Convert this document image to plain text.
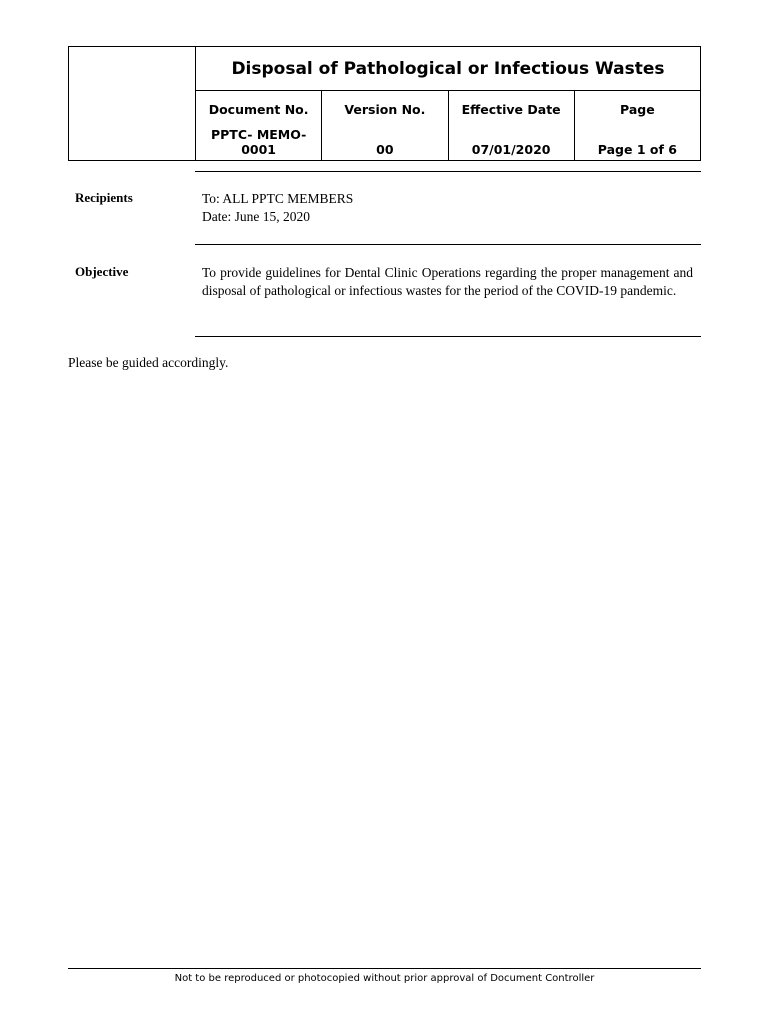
	Disposal of Pathological or Infectious Wastes			
	Document No.	Version No.	Effective Date	Page
	PPTC- MEMO-0001	00	07/01/2020	Page 1 of 6
Recipients	To: ALL PPTC MEMBERS
Date: June 15, 2020
Objective	To provide guidelines for Dental Clinic Operations regarding the proper management and disposal of pathological or infectious wastes for the period of the COVID-19 pandemic.
Please be guided accordingly.
Not to be reproduced or photocopied without prior approval of Document Controller
